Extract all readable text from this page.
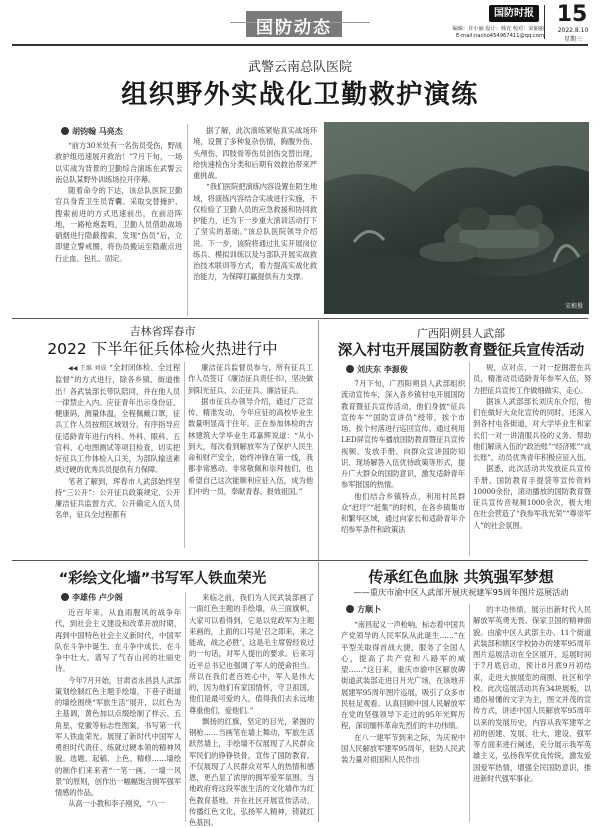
国防动态
国防时报	15
2022.8.10
星期三
编辑：许小丽 设计：韩克 校对：宋丽丽
E-mail:nacho454967411@qq.com
武警云南总队医院
组织野外实战化卫勤救护演练
胡钧翰 马亮杰

“前方30米处有一名伤员受伤，野战救护组迅速展开救治！”7月下旬，一场以实战为背景的卫勤综合演练在武警云南总队某野外训练场拉开序幕。

随着命令的下达，该总队医院卫勤官兵身背卫生员背囊、采取交替掩护、搜索前进的方式迅速前出，在前沿阵地，一路枪炮轰鸣，卫勤人员借助战场硝烟进行隐蔽搜索，发现“伤员”后，立即建立警戒圈，将伤员搬运至隐蔽点进行止血、包扎、固定。

据了解，此次演练紧贴真实战场环境，设置了多种复杂伤情，胸腹外伤、头颅伤、四肢骨等伤员创伤交替出现，给快速检伤分类和后期有效救治带来严重挑战。

“我们医院把演练内容设置在陌生地域，将演练内容结合实战进行实施，不仅检验了卫勤人员的应急救援和协同救护能力，还为下一步重大演训活动打下了坚实的基础。”该总队医院领导介绍说。下一步，该院将通过扎实开展岗位练兵、模拟训练以及与部队开展实战救治技术联训等方式，着力提高实战化救治能力，为保障打赢提供有力支撑。

宋根摄
吉林省珲春市
2022 下半年征兵体检火热进行中

◀◀ 王维 刘成 “全封闭体检、全过程监督”的方式进行，除各乡镇、街道推出！各武装部长带队陪同，并在他人员一律禁止入内。应征青年出示身份证、健康码，测量体温，全程佩戴口罩，征兵工作人员按照区域划分，有序指导应征适龄青年进行内科、外科、眼科、五官科、心电图测试等项目检查，切实把好征兵工作体检入口关，为部队输送素质过硬的优秀兵员提供有力保障。

笔者了解到，珲春市人武部始终坚持“三公开”：公开征兵政策规定、公开廉洁征兵监督方式、公开确定入伍人员名单，征兵全过程都有

廉洁征兵监督员参与，所有征兵工作人员签订《廉洁征兵责任书》，坚决做到阳光征兵、公正征兵、廉洁征兵。

据市征兵办领导介绍，通过广泛宣传、精准发动，今年应征的高校毕业生数量明显高于往年。正在参加体检的吉林建筑大学毕业生邓嘉辉说道：“从小到大，每次看到解放军为了保护人民生命和财产安全，始终冲锋在第一线，我都非常感动。非常敬佩和崇拜他们，也希望自己这次能顺利应征入伍，成为他们中的一员，奉献青春、报效祖国。”

广西阳朔县人武部
深入村屯开展国防教育暨征兵宣传活动
刘庆东 李源俊

7月下旬，广西阳朔县人武部组织流动宣传车，深入各乡镇村屯开展国防教育暨征兵宣传活动，他们身披“征兵宣传车”“国防宣讲员”绶带，挨个市场、挨个村落进行巡回宣传。通过利用LED屏宣传车播放国防教育暨征兵宣传视频、发放手册、向群众宣讲国防知识、现场解答入伍优待政策等形式，提升广大群众的国防意识，激发适龄青年参军报国的热情。

他们结合乡镇特点，利用村民群众“赶圩”“赶集”的时机，在各乡镇集市和繁华区域，通过向家长和适龄青年介绍参军条件和政策法

规，点对点、一对一挖掘潜在兵员，精准动员适龄青年参军入伍，努力把征兵宣传工作做细做实、走心。

据该人武部部长刘庆东介绍，他们在做好大众化宣传的同时，还深入到各村屯各街道，对大学毕业生和家长们一对一讲清服兵役的义务、帮助他们解读入伍的“政治账”“经济账”“成长账”，动员优秀青年积极应征入伍。

据悉，此次活动共发放征兵宣传手册、国防教育手提袋等宣传资料10000余份，滚动播放的国防教育暨征兵宣传音视频1000余次，极大地在社会营造了“我参军我光荣”“尊崇军人”的社会氛围。

“彩绘文化墙”书写军人铁血荣光
李雄伟 卢少阁

近百年来，从血雨腥风的战争年代，到社会主义建设和改革开放时期，再到中国特色社会主义新时代，中国军队在斗争中诞生、在斗争中成长、在斗争中壮大，谱写了气吞山河的壮丽史诗。

今年7月开始，甘肃省永昌县人武部策划绘制红色主题手绘墙，下巷子街道的墙绘围绕“军旅生活”展开，以红色为主基调，黄色加以点缀绘制了样云、五角星、党徽等标志性图案，书写第一代军人铁血荣光。展现了新时代中国军人勇担时代责任、练就过硬本领的精神风貌。选题、起稿、上色、精修……墙绘的制作们来来者“一笔一画、一墙一风景”的原则，创作出一幅幅饱含拥军强军情感的作品。

从高一小教和李子刚说，“八一

来临之前，我们为人民武装部画了一面红色主题的手绘墙，从三面旗帜，大家可以看得到，它是以党政军为主题来画的，上面的口号是‘召之即来，来之能战，战之必胜’，这是毛主席曾经说过的一句话，对军人提出的要求。后来习近平总书记也强调了军人的使命担当。所以在我们老百姓心中，军人是伟大的，因为他们有家国情怀，守卫祖国，他们是最可爱的人，值得我们去永远地尊重他们，爱他们。”

飘扬的红旗，坚定的目光，紧握的钢枪……当画笔在墙上舞动，军旅生活跃然墙上，手绘墙不仅展现了人民群众军民们的铮铮铁骨，宣传了国防教育，不仅展现了人民群众对军人的热情和感恩，更凸显了浓厚的拥军爱军氛围。当地政府将这段军旅生活的文化墙作为红色教育基地，并在社区开展宣传活动，传播红色文化，弘扬军人精神，铸就红色基因。

传承红色血脉 共筑强军梦想
——重庆市渝中区人武部开展庆祝建军95周年图片巡展活动
方顺卜

“南昌起义一声枪响，标志着中国共产党领导的人民军队从此诞生……”在平型关取得首战大捷，服务了全国人心，提高了共产党和八路军的威望……“这日来，重庆市渝中区解放碑街道武装部走进日月光广场，在该地开展建军95周年图片巡展，吸引了众多市民驻足观看。认真回顾中国人民解放军在党的坚强领导下走过的95年光辉历程，深切缅怀革命先烈们的丰功伟绩。

在八一建军节到来之际，为庆祝中国人民解放军建军95周年，驻防人民武装力量对祖国和人民作出

的丰功伟绩，展示出新时代人民解放军英勇无畏、保家卫国的精神面貌。由渝中区人武部主办、11个街道武装部和辖区学校协办的建军95周年图片巡展活动在全区展开，巡展时间于7月底启动，预计8月底9月初结束，走进大族展览的商圈、社区和学校。此次巡展活动共有34块展板，以通俗易懂的文字为主，图文并茂的宣传方式，讲述中国人民解放军95周年以来的发展历史，内容从我军建军之初的创建、发展、壮大、建设、强军等方面来进行阐述，充分展示我军英雄主义，弘扬我军优良传统，激发爱国爱军热情，增强全民国防意识，推进新时代强军事业。
